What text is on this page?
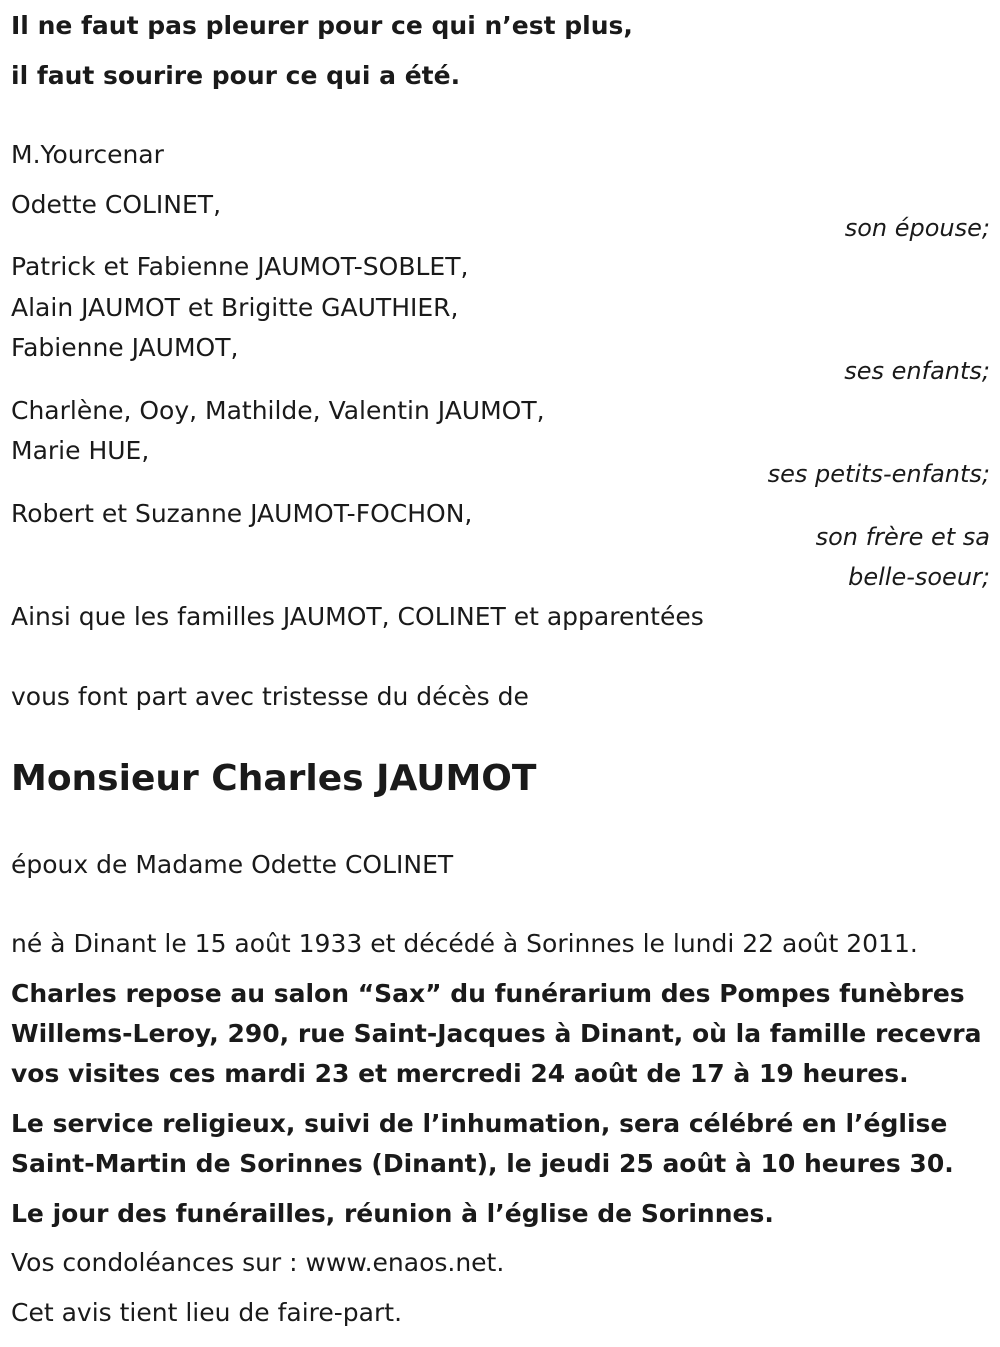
Il ne faut pas pleurer pour ce qui n’est plus,
il faut sourire pour ce qui a été.
M.Yourcenar
Odette COLINET,
son épouse;
Patrick et Fabienne JAUMOT-SOBLET,
Alain JAUMOT et Brigitte GAUTHIER,
Fabienne JAUMOT,
ses enfants;
Charlène, Ooy, Mathilde, Valentin JAUMOT,
Marie HUE,
ses petits-enfants;
Robert et Suzanne JAUMOT-FOCHON,
son frère et sa
belle-soeur;
Ainsi que les familles JAUMOT, COLINET et apparentées
vous font part avec tristesse du décès de
Monsieur Charles JAUMOT
époux de Madame Odette COLINET
né à Dinant le 15 août 1933 et décédé à Sorinnes le lundi 22 août 2011.
Charles repose au salon “Sax” du funérarium des Pompes funèbres
Willems-Leroy, 290, rue Saint-Jacques à Dinant, où la famille recevra
vos visites ces mardi 23 et mercredi 24 août de 17 à 19 heures.
Le service religieux, suivi de l’inhumation, sera célébré en l’église
Saint-Martin de Sorinnes (Dinant), le jeudi 25 août à 10 heures 30.
Le jour des funérailles, réunion à l’église de Sorinnes.
Vos condoléances sur : www.enaos.net.
Cet avis tient lieu de faire-part.
